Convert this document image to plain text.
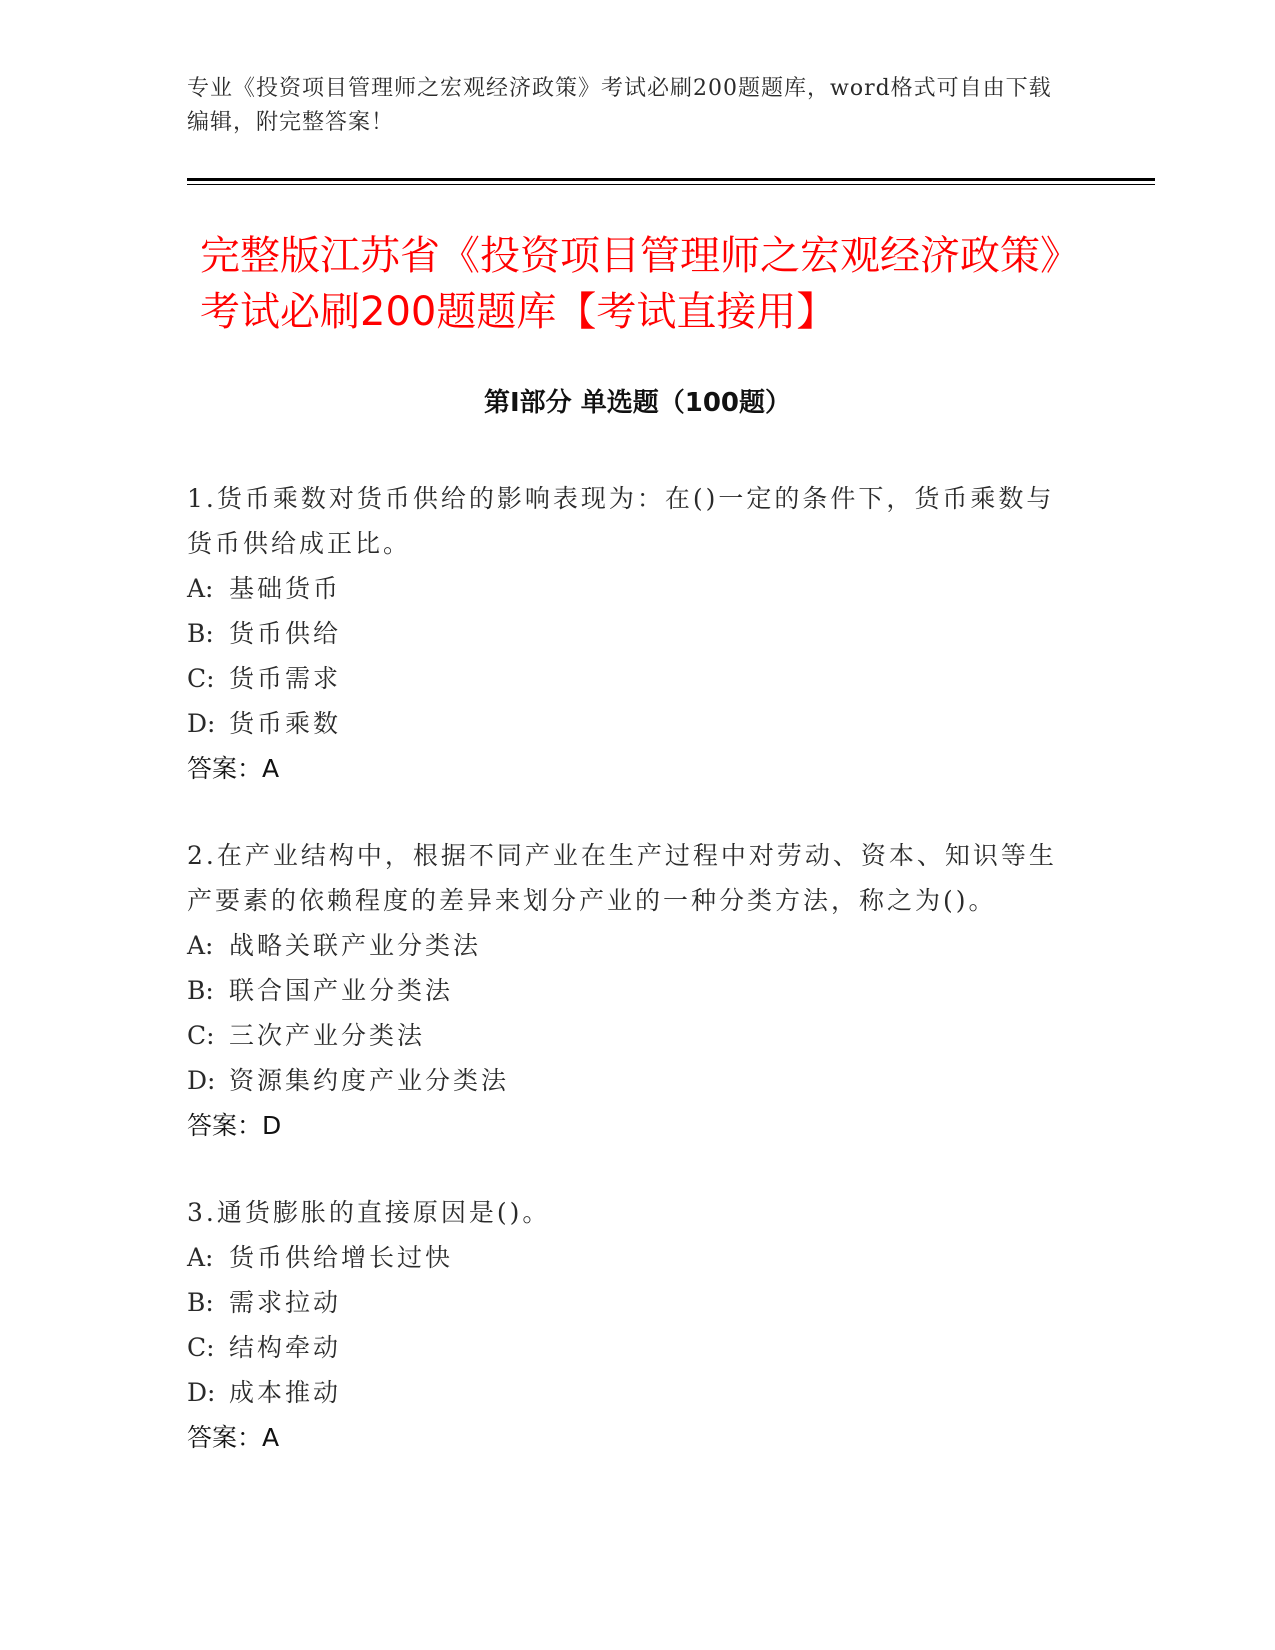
专业《投资项目管理师之宏观经济政策》考试必刷200题题库，word格式可自由下载编辑，附完整答案！
完整版江苏省《投资项目管理师之宏观经济政策》考试必刷200题题库【考试直接用】
第Ⅰ部分 单选题（100题）
1.货币乘数对货币供给的影响表现为：在()一定的条件下，货币乘数与货币供给成正比。
A: 基础货币
B: 货币供给
C: 货币需求
D: 货币乘数
答案：A
2.在产业结构中，根据不同产业在生产过程中对劳动、资本、知识等生产要素的依赖程度的差异来划分产业的一种分类方法，称之为()。
A: 战略关联产业分类法
B: 联合国产业分类法
C: 三次产业分类法
D: 资源集约度产业分类法
答案：D
3.通货膨胀的直接原因是()。
A: 货币供给增长过快
B: 需求拉动
C: 结构牵动
D: 成本推动
答案：A
